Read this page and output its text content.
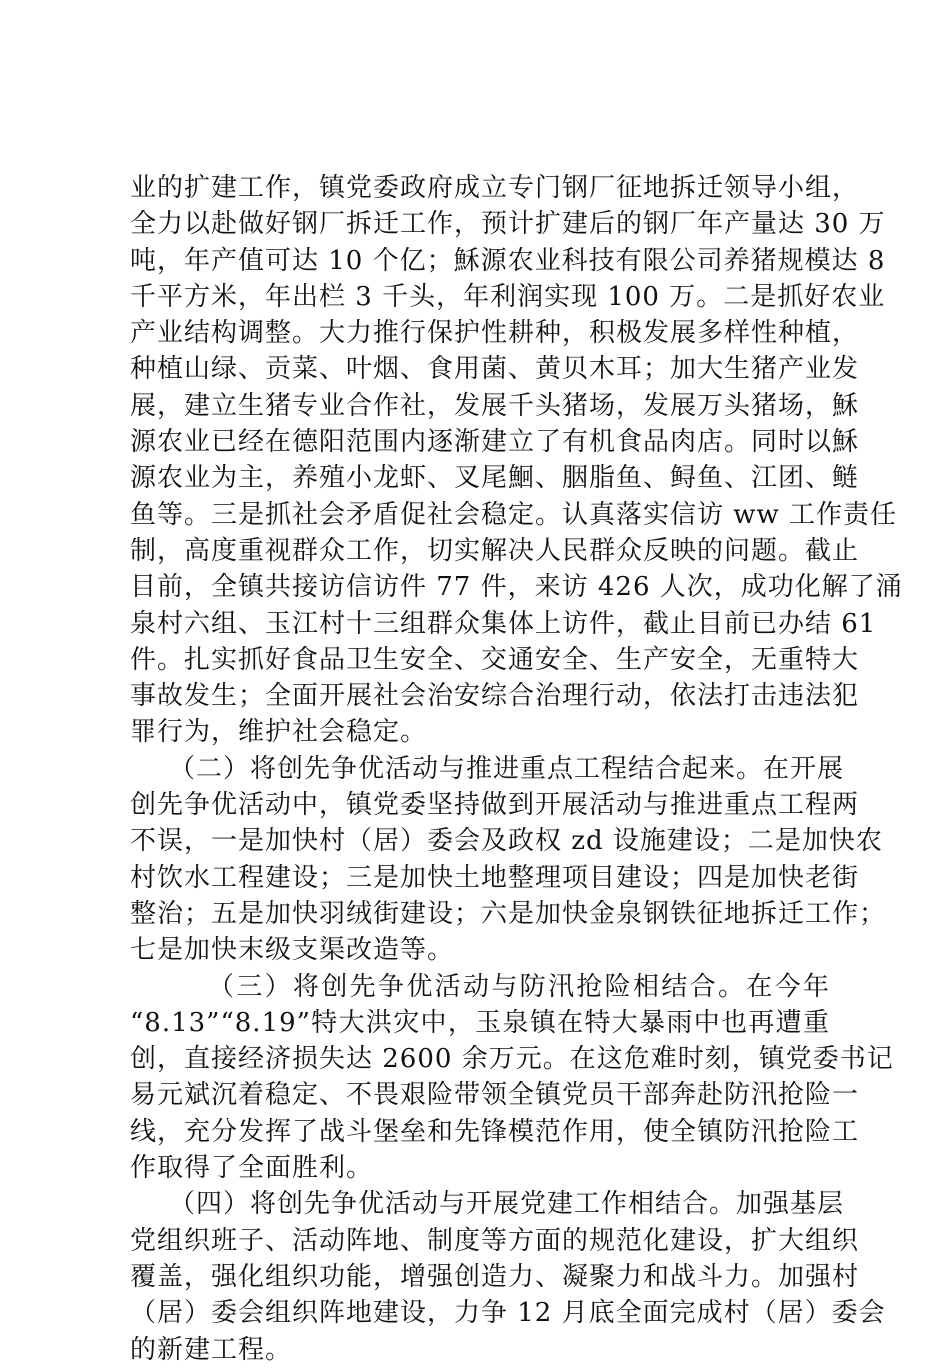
业的扩建工作，镇党委政府成立专门钢厂征地拆迁领导小组，
全力以赴做好钢厂拆迁工作，预计扩建后的钢厂年产量达 30 万
吨，年产值可达 10 个亿；穌源农业科技有限公司养猪规模达 8
千平方米，年出栏 3 千头，年利润实现 100 万。二是抓好农业
产业结构调整。大力推行保护性耕种，积极发展多样性种植，
种植山绿、贡菜、叶烟、食用菌、黄贝木耳；加大生猪产业发
展，建立生猪专业合作社，发展千头猪场，发展万头猪场，穌
源农业已经在德阳范围内逐渐建立了有机食品肉店。同时以穌
源农业为主，养殖小龙虾、叉尾鮰、胭脂鱼、鲟鱼、江团、鲢
鱼等。三是抓社会矛盾促社会稳定。认真落实信访 ww 工作责任
制，高度重视群众工作，切实解决人民群众反映的问题。截止
目前，全镇共接访信访件 77 件，来访 426 人次，成功化解了涌
泉村六组、玉江村十三组群众集体上访件，截止目前已办结 61
件。扎实抓好食品卫生安全、交通安全、生产安全，无重特大
事故发生；全面开展社会治安综合治理行动，依法打击违法犯
罪行为，维护社会稳定。
（二）将创先争优活动与推进重点工程结合起来。在开展
创先争优活动中，镇党委坚持做到开展活动与推进重点工程两
不误，一是加快村（居）委会及政权 zd 设施建设；二是加快农
村饮水工程建设；三是加快土地整理项目建设；四是加快老街
整治；五是加快羽绒街建设；六是加快金泉钢铁征地拆迁工作；
七是加快末级支渠改造等。
（三）将创先争优活动与防汛抢险相结合。在今年
“8.13”“8.19”特大洪灾中，玉泉镇在特大暴雨中也再遭重
创，直接经济损失达 2600 余万元。在这危难时刻，镇党委书记
易元斌沉着稳定、不畏艰险带领全镇党员干部奔赴防汛抢险一
线，充分发挥了战斗堡垒和先锋模范作用，使全镇防汛抢险工
作取得了全面胜利。
（四）将创先争优活动与开展党建工作相结合。加强基层
党组织班子、活动阵地、制度等方面的规范化建设，扩大组织
覆盖，强化组织功能，增强创造力、凝聚力和战斗力。加强村
（居）委会组织阵地建设，力争 12 月底全面完成村（居）委会
的新建工程。
